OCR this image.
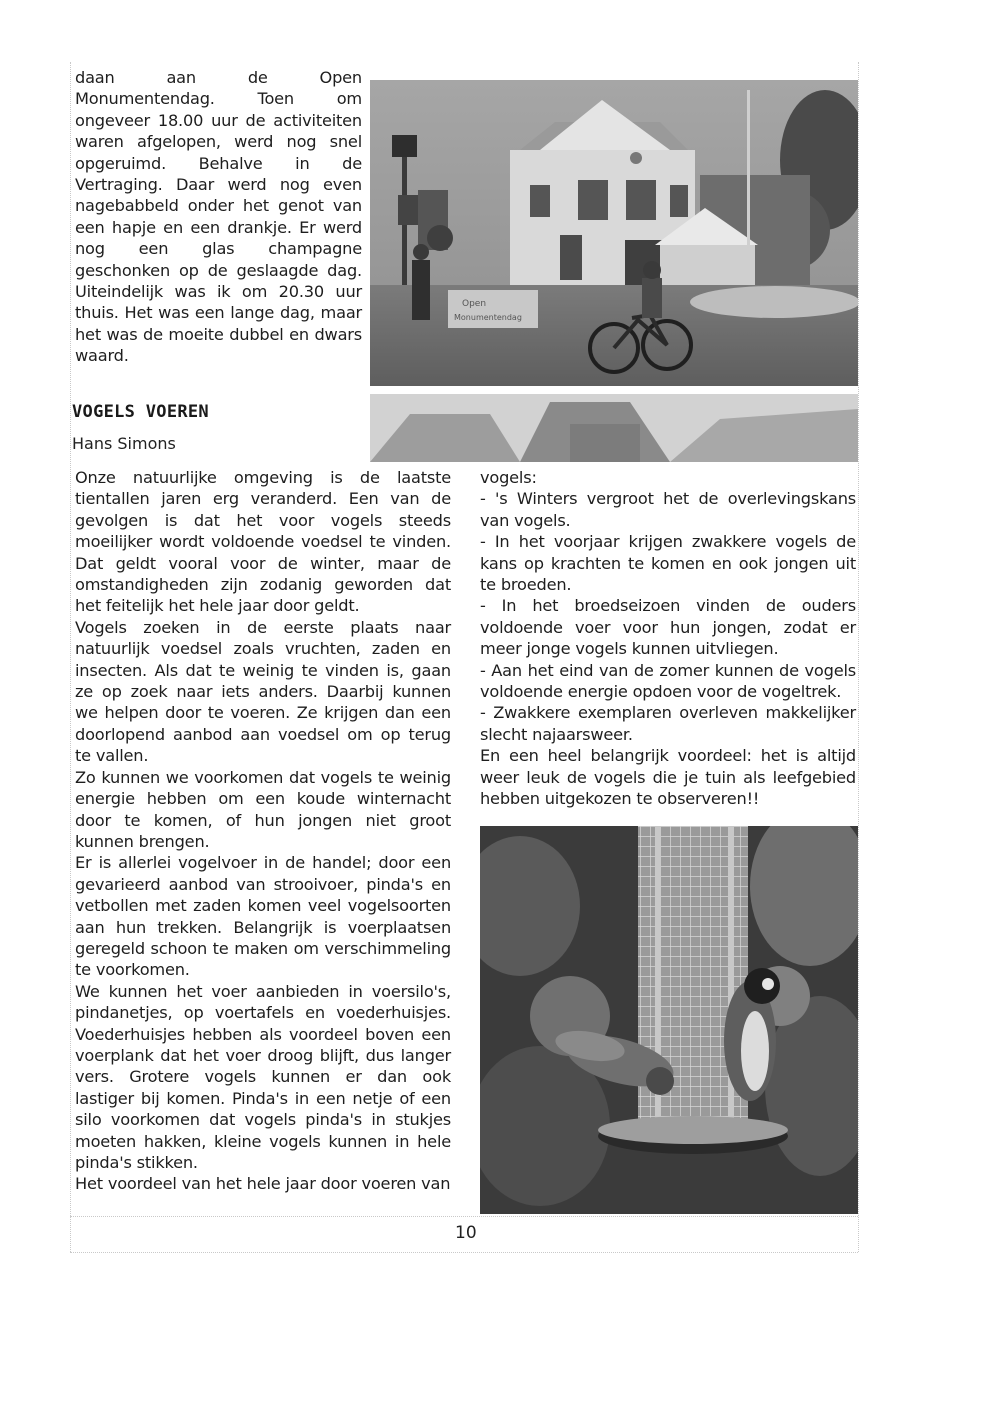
daan aan de Open Monumentendag. Toen om ongeveer 18.00 uur de activiteiten waren afgelopen, werd nog snel opgeruimd. Behalve in de Vertraging. Daar werd nog even nagebabbeld onder het genot van een hapje en een drankje. Er werd nog een glas champagne geschonken op de geslaagde dag. Uiteindelijk was ik om 20.30 uur thuis. Het was een lange dag, maar het was de moeite dubbel en dwars waard.

Open
Monumentendag
VOGELS VOEREN
Hans Simons

Onze natuurlijke omgeving is de laatste tientallen jaren erg veranderd. Een van de gevolgen is dat het voor vogels steeds moeilijker wordt voldoende voedsel te vinden. Dat geldt vooral voor de winter, maar de omstandigheden zijn zodanig geworden dat het feitelijk het hele jaar door geldt.

Vogels zoeken in de eerste plaats naar natuurlijk voedsel zoals vruchten, zaden en insecten. Als dat te weinig te vinden is, gaan ze op zoek naar iets anders. Daarbij kunnen we helpen door te voeren. Ze krijgen dan een doorlopend aanbod aan voedsel om op terug te vallen.

Zo kunnen we voorkomen dat vogels te weinig energie hebben om een koude winternacht door te komen, of hun jongen niet groot kunnen brengen.

Er is allerlei vogelvoer in de handel; door een gevarieerd aanbod van strooivoer, pinda's en vetbollen met zaden komen veel vogelsoorten aan hun trekken. Belangrijk is voerplaatsen geregeld schoon te maken om verschimmeling te voorkomen.

We kunnen het voer aanbieden in voersilo's, pindanetjes, op voertafels en voederhuisjes. Voederhuisjes hebben als voordeel boven een voerplank dat het voer droog blijft, dus langer vers. Grotere vogels kunnen er dan ook lastiger bij komen. Pinda's in een netje of een silo voorkomen dat vogels pinda's in stukjes moeten hakken, kleine vogels kunnen in hele pinda's stikken.

Het voordeel van het hele jaar door voeren van

vogels:

- 's Winters vergroot het de overlevingskans van vogels.

- In het voorjaar krijgen zwakkere vogels de kans op krachten te komen en ook jongen uit te broeden.

- In het broedseizoen vinden de ouders voldoende voer voor hun jongen, zodat er meer jonge vogels kunnen uitvliegen.

- Aan het eind van de zomer kunnen de vogels voldoende energie opdoen voor de vogeltrek.

- Zwakkere exemplaren overleven makkelijker slecht najaarsweer.

En een heel belangrijk voordeel: het is altijd weer leuk de vogels die je tuin als leefgebied hebben uitgekozen te observeren!!

10
